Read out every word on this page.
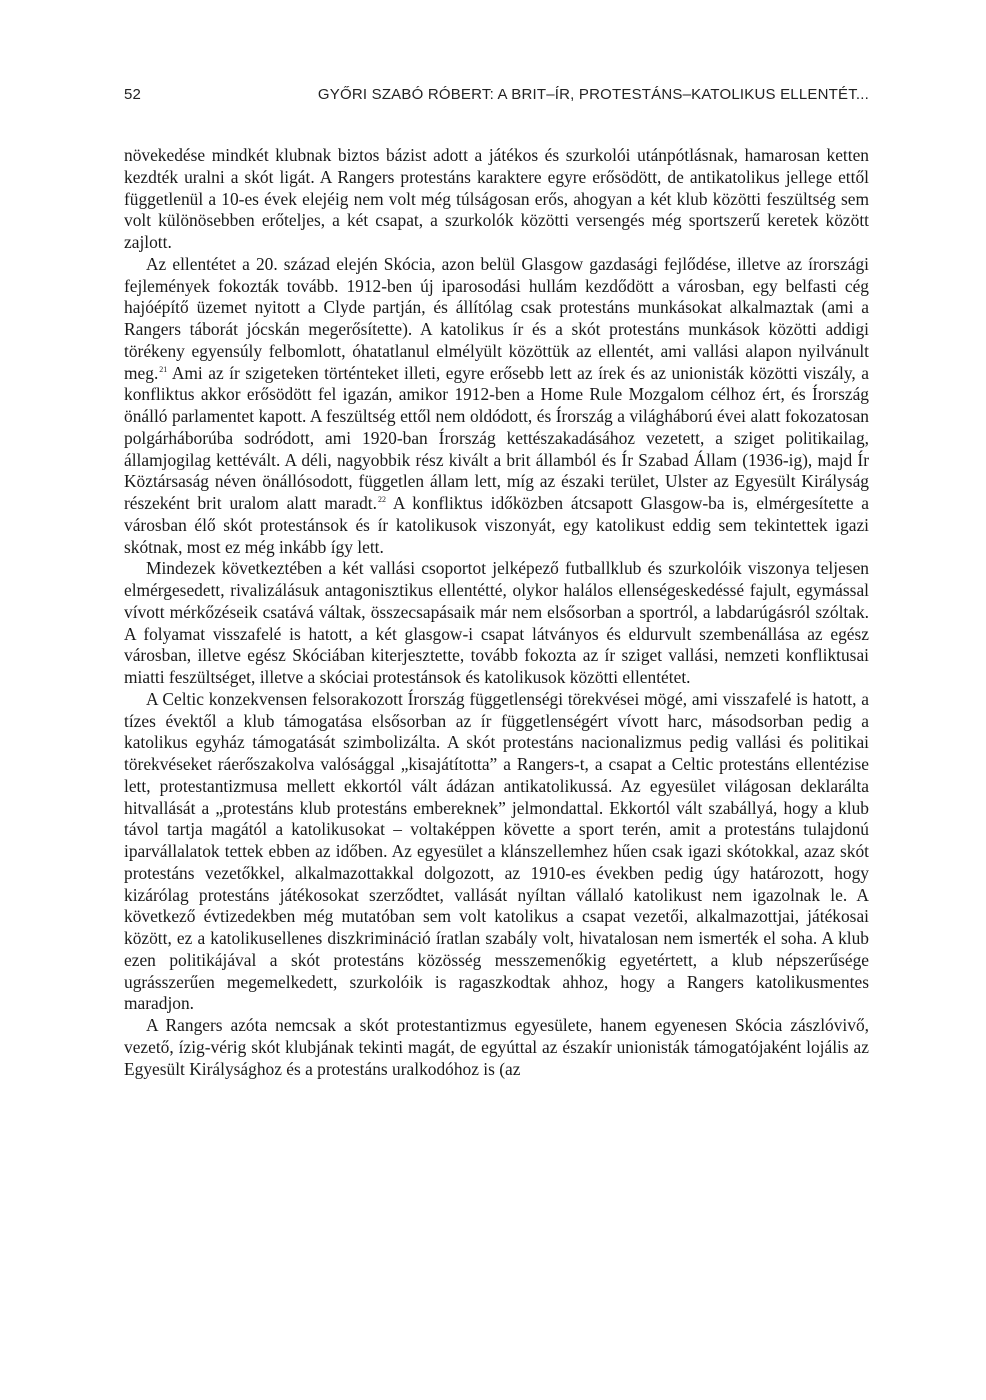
52	GYŐRI SZABÓ RÓBERT: A BRIT–ÍR, PROTESTÁNS–KATOLIKUS ELLENTÉT...

növekedése mindkét klubnak biztos bázist adott a játékos és szurkolói utánpótlásnak, hamarosan ketten kezdték uralni a skót ligát. A Rangers protestáns karaktere egyre erősödött, de antikatolikus jellege ettől függetlenül a 10-es évek elejéig nem volt még túlságosan erős, ahogyan a két klub közötti feszültség sem volt különösebben erőteljes, a két csapat, a szurkolók közötti versengés még sportszerű keretek között zajlott.

Az ellentétet a 20. század elején Skócia, azon belül Glasgow gazdasági fejlődése, illetve az írországi fejlemények fokozták tovább. 1912-ben új iparosodási hullám kezdődött a városban, egy belfasti cég hajóépítő üzemet nyitott a Clyde partján, és állítólag csak protestáns munkásokat alkalmaztak (ami a Rangers táborát jócskán megerősítette). A katolikus ír és a skót protestáns munkások közötti addigi törékeny egyensúly felbomlott, óhatatlanul elmélyült közöttük az ellentét, ami vallási alapon nyilvánult meg.$^{21}$ Ami az ír szigeteken történteket illeti, egyre erősebb lett az írek és az unionisták közötti viszály, a konfliktus akkor erősödött fel igazán, amikor 1912-ben a Home Rule Mozgalom célhoz ért, és Írország önálló parlamentet kapott. A feszültség ettől nem oldódott, és Írország a világháború évei alatt fokozatosan polgárháborúba sodródott, ami 1920-ban Írország kettészakadásához vezetett, a sziget politikailag, államjogilag kettévált. A déli, nagyobbik rész kivált a brit államból és Ír Szabad Állam (1936-ig), majd Ír Köztársaság néven önállósodott, független állam lett, míg az északi terület, Ulster az Egyesült Királyság részeként brit uralom alatt maradt.$^{22}$ A konfliktus időközben átcsapott Glasgow-ba is, elmérgesítette a városban élő skót protestánsok és ír katolikusok viszonyát, egy katolikust eddig sem tekintettek igazi skótnak, most ez még inkább így lett.

Mindezek következtében a két vallási csoportot jelképező futballklub és szurkolóik viszonya teljesen elmérgesedett, rivalizálásuk antagonisztikus ellentétté, olykor halálos ellenségeskedéssé fajult, egymással vívott mérkőzéseik csatává váltak, összecsapásaik már nem elsősorban a sportról, a labdarúgásról szóltak. A folyamat visszafelé is hatott, a két glasgow-i csapat látványos és eldurvult szembenállása az egész városban, illetve egész Skóciában kiterjesztette, tovább fokozta az ír sziget vallási, nemzeti konfliktusai miatti feszültséget, illetve a skóciai protestánsok és katolikusok közötti ellentétet.

A Celtic konzekvensen felsorakozott Írország függetlenségi törekvései mögé, ami visszafelé is hatott, a tízes évektől a klub támogatása elsősorban az ír függetlenségért vívott harc, másodsorban pedig a katolikus egyház támogatását szimbolizálta. A skót protestáns nacionalizmus pedig vallási és politikai törekvéseket ráerőszakolva valósággal „kisajátította” a Rangers-t, a csapat a Celtic protestáns ellentézise lett, protestantizmusa mellett ekkortól vált ádázan antikatolikussá. Az egyesület világosan deklarálta hitvallását a „protestáns klub protestáns embereknek” jelmondattal. Ekkortól vált szabállyá, hogy a klub távol tartja magától a katolikusokat – voltaképpen követte a sport terén, amit a protestáns tulajdonú iparvállalatok tettek ebben az időben. Az egyesület a klánszellemhez hűen csak igazi skótokkal, azaz skót protestáns vezetőkkel, alkalmazottakkal dolgozott, az 1910-es években pedig úgy határozott, hogy kizárólag protestáns játékosokat szerződtet, vallását nyíltan vállaló katolikust nem igazolnak le. A következő évtizedekben még mutatóban sem volt katolikus a csapat vezetői, alkalmazottjai, játékosai között, ez a katolikusellenes diszkrimináció íratlan szabály volt, hivatalosan nem ismerték el soha. A klub ezen politikájával a skót protestáns közösség messzemenőkig egyetértett, a klub népszerűsége ugrásszerűen megemelkedett, szurkolóik is ragaszkodtak ahhoz, hogy a Rangers katolikusmentes maradjon.

A Rangers azóta nemcsak a skót protestantizmus egyesülete, hanem egyenesen Skócia zászlóvivő, vezető, ízig-vérig skót klubjának tekinti magát, de egyúttal az északír unionisták támogatójaként lojális az Egyesült Királysághoz és a protestáns uralkodóhoz is (az
